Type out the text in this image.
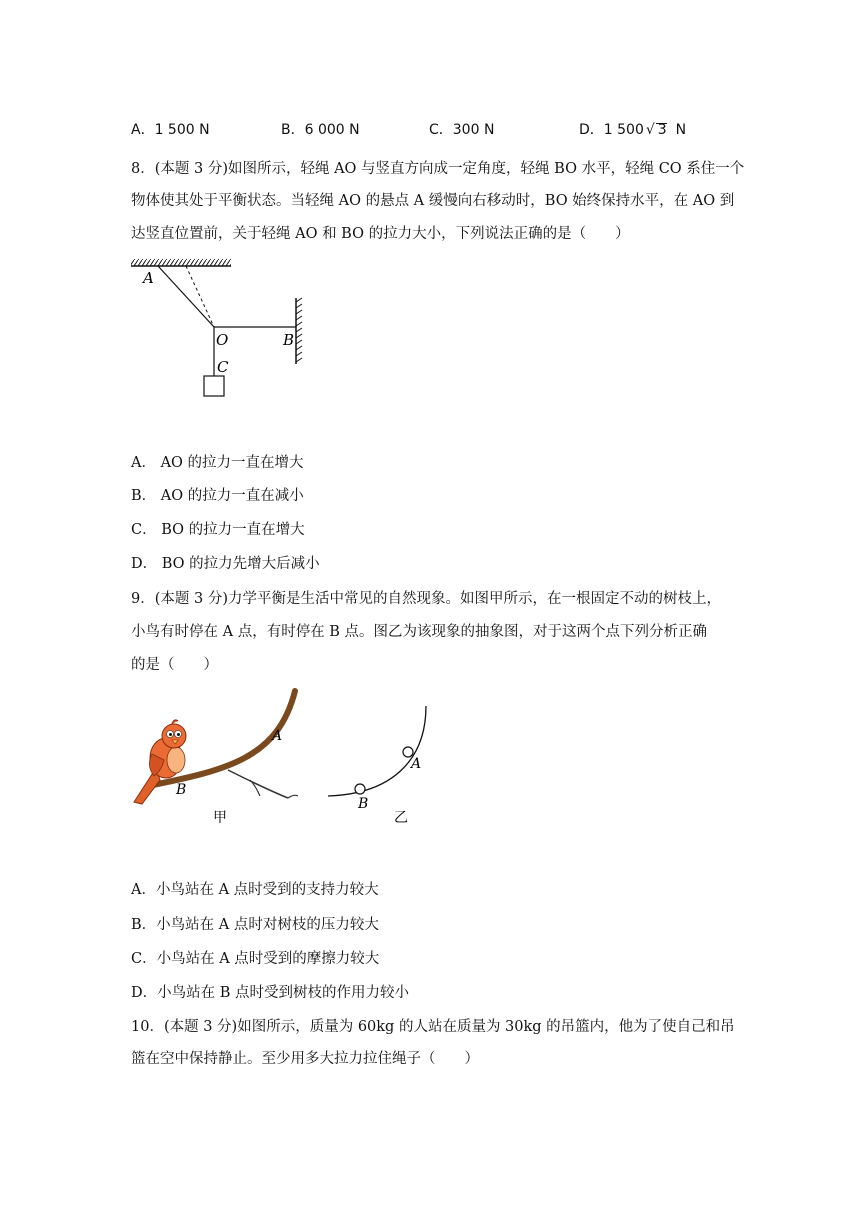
A．1 500 N	B．6 000 N	C．300 N	D．1 500 √ 3 N
8．(本题 3 分)如图所示，轻绳 AO 与竖直方向成一定角度，轻绳 BO 水平，轻绳 CO 系住一个
物体使其处于平衡状态。当轻绳 AO 的悬点 A 缓慢向右移动时，BO 始终保持水平，在 AO 到
达竖直位置前，关于轻绳 AO 和 BO 的拉力大小，下列说法正确的是（　　）
A
O	B
C
A． AO 的拉力一直在增大
B． AO 的拉力一直在减小
C． BO 的拉力一直在增大
D． BO 的拉力先增大后减小
9．(本题 3 分)力学平衡是生活中常见的自然现象。如图甲所示，在一根固定不动的树枝上，
小鸟有时停在 A 点，有时停在 B 点。图乙为该现象的抽象图，对于这两个点下列分析正确
的是（　　）
A
B
甲
A
B
乙
A．小鸟站在 A 点时受到的支持力较大
B．小鸟站在 A 点时对树枝的压力较大
C．小鸟站在 A 点时受到的摩擦力较大
D．小鸟站在 B 点时受到树枝的作用力较小
10．(本题 3 分)如图所示，质量为 60kg 的人站在质量为 30kg 的吊篮内，他为了使自己和吊
篮在空中保持静止。至少用多大拉力拉住绳子（　　）
